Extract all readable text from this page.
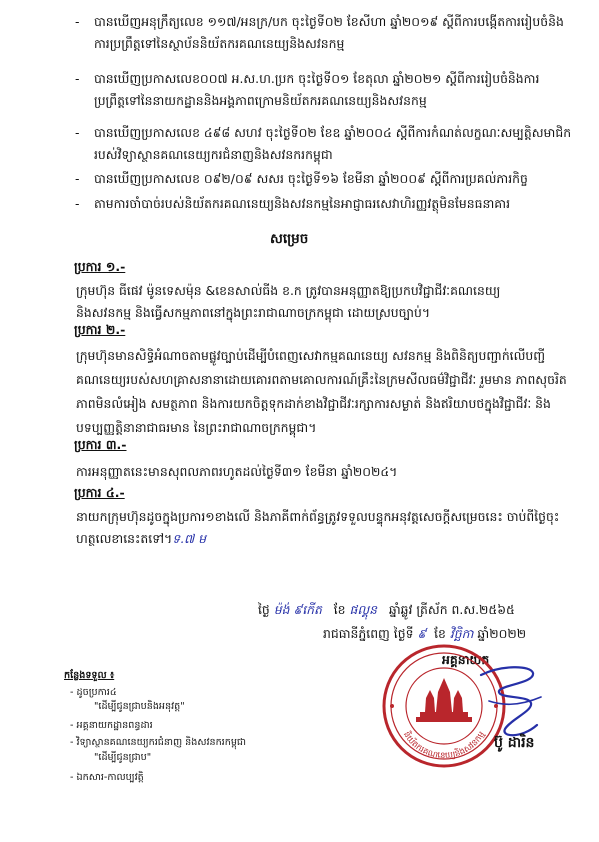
- បានឃើញអនុក្រឹត្យលេខ ១១៧/អនក្រ/បក ចុះថ្ងៃទី០២ ខែសីហា ឆ្នាំ២០១៩ ស្តីពីការបង្កើតការរៀបចំនិង
ការប្រព្រឹត្តទៅនៃស្ថាប័ននិយ័តករគណនេយ្យនិងសវនកម្ម
- បានឃើញប្រកាសលេខ០០៧ អ.ស.ហ.ប្រក ចុះថ្ងៃទី០១ ខែតុលា ឆ្នាំ២០២១ ស្តីពីការរៀបចំនិងការ
ប្រព្រឹត្តទៅនៃនាយកដ្ឋាននិងអង្គភាពក្រោមនិយ័តករគណនេយ្យនិងសវនកម្ម
- បានឃើញប្រកាសលេខ ៤៩៨ សហវ ចុះថ្ងៃទី០២ ខែឧ ឆ្នាំ២០០៤ ស្តីពីការកំណត់លក្ខណៈសម្បត្តិសមាជិក
របស់វិទ្យាស្ថានគណនេយ្យករជំនាញនិងសវនករកម្ពុជា
- បានឃើញប្រកាសលេខ ០៩២/០៩ សសរ ចុះថ្ងៃទី១៦ ខែមីនា ឆ្នាំ២០០៩ ស្តីពីការប្រគល់ភារកិច្ច
- តាមការចាំបាច់របស់និយ័តករគណនេយ្យនិងសវនកម្មនៃអាជ្ញាធរសេវាហិរញ្ញវត្ថុមិនមែនធនាគារ
សម្រេច
ប្រការ ១.-
ក្រុមហ៊ុន ធីផេវ ម៉ូនទេសម៉ុន &ខេនសាល់ធីង ខ.ក ត្រូវបានអនុញ្ញាតឱ្យប្រកបវិជ្ជាជីវៈគណនេយ្យ
និងសវនកម្ម និងធ្វើសកម្មភាពនៅក្នុងព្រះរាជាណាចក្រកម្ពុជា ដោយស្របច្បាប់។
ប្រការ ២.-
ក្រុមហ៊ុនមានសិទ្ធិអំណាចតាមផ្លូវច្បាប់ដើម្បីបំពេញសេវាកម្មគណនេយ្យ សវនកម្ម និងពិនិត្យបញ្ជាក់លើបញ្ជី
គណនេយ្យរបស់សហគ្រាសនានាដោយគោរពតាមគោលការណ៍គ្រឹះនៃក្រមសីលធម៌វិជ្ជាជីវៈ រួមមាន ភាពសុចរិត
ភាពមិនលំអៀង សមត្ថភាព និងការយកចិត្តទុកដាក់ខាងវិជ្ជាជីវៈរក្សាការសម្ងាត់ និងឥរិយាបថក្នុងវិជ្ជាជីវៈ និង
បទប្បញ្ញត្តិនានាជាធរមាន នៃព្រះរាជាណាចក្រកម្ពុជា។
ប្រការ ៣.-
ការអនុញ្ញាតនេះមានសុពលភាពរហូតដល់ថ្ងៃទី៣១ ខែមីនា ឆ្នាំ២០២៤។
ប្រការ ៤.-
នាយកក្រុមហ៊ុនដូចក្នុងប្រការ១ខាងលើ និងភាគីពាក់ព័ន្ធត្រូវទទួលបន្ទុកអនុវត្តសេចក្តីសម្រេចនេះ ចាប់ពីថ្ងៃចុះ
ហត្ថលេខានេះតទៅ។ទ.៧ ម
ថ្ងៃ ម៉ង់ ៩កើត ខែ ផល្គុន ឆ្នាំឆ្លូវ ត្រីស័ក ព.ស.២៥៦៥
រាជធានីភ្នំពេញ ថ្ងៃទី ៩ ខែ វិច្ឆិកា ឆ្នាំ២០២២
អគ្គនាយក
និយ័តករគណនេយ្យនិងសវនកម្ម
ប៊ូ ដារិន
កន្លែងទទួល ៖
- ដូចប្រការ៤
"ដើម្បីជូនជ្រាបនិងអនុវត្ត"
- អគ្គនាយកដ្ឋានពន្ធដារ
- វិទ្យាស្ថានគណនេយ្យករជំនាញ និងសវនករកម្ពុជា
"ដើម្បីជូនជ្រាប"
- ឯកសារ-កាលប្បវត្តិ
